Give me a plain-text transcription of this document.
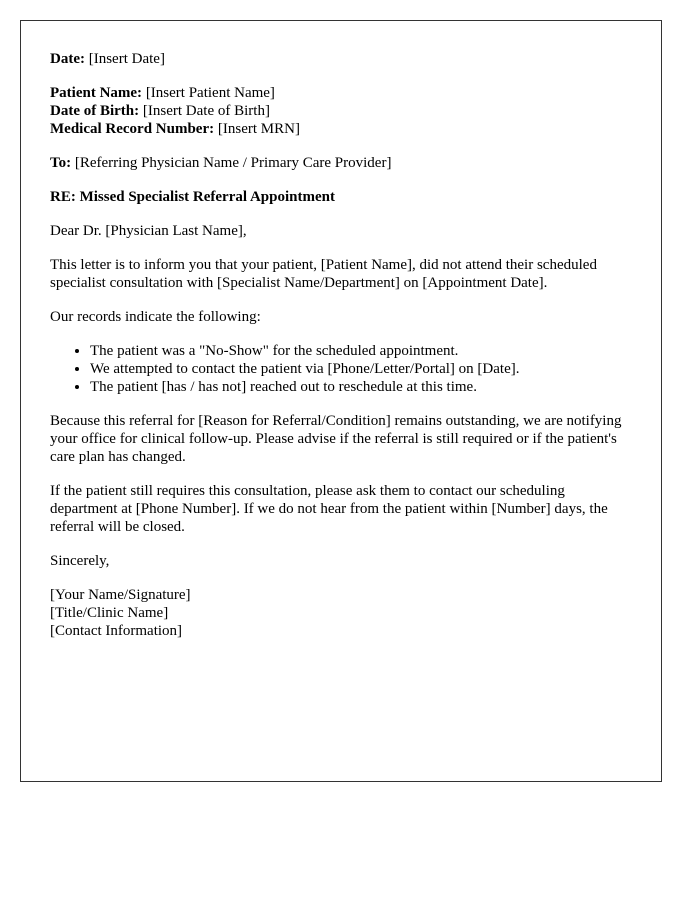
Date: [Insert Date]

Patient Name: [Insert Patient Name]
Date of Birth: [Insert Date of Birth]
Medical Record Number: [Insert MRN]

To: [Referring Physician Name / Primary Care Provider]

RE: Missed Specialist Referral Appointment

Dear Dr. [Physician Last Name],

This letter is to inform you that your patient, [Patient Name], did not attend their scheduled specialist consultation with [Specialist Name/Department] on [Appointment Date].

Our records indicate the following:

• The patient was a "No-Show" for the scheduled appointment.
• We attempted to contact the patient via [Phone/Letter/Portal] on [Date].
• The patient [has / has not] reached out to reschedule at this time.

Because this referral for [Reason for Referral/Condition] remains outstanding, we are notifying your office for clinical follow-up. Please advise if the referral is still required or if the patient's care plan has changed.

If the patient still requires this consultation, please ask them to contact our scheduling department at [Phone Number]. If we do not hear from the patient within [Number] days, the referral will be closed.

Sincerely,

[Your Name/Signature]
[Title/Clinic Name]
[Contact Information]
